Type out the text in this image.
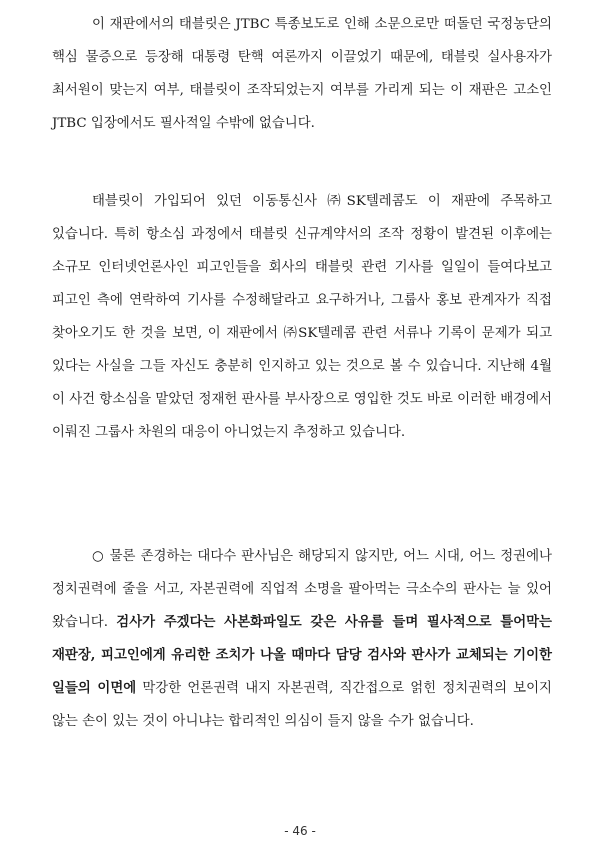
이 재판에서의 태블릿은 JTBC 특종보도로 인해 소문으로만 떠돌던 국정농단의 핵심 물증으로 등장해 대통령 탄핵 여론까지 이끌었기 때문에, 태블릿 실사용자가 최서원이 맞는지 여부, 태블릿이 조작되었는지 여부를 가리게 되는 이 재판은 고소인 JTBC 입장에서도 필사적일 수밖에 없습니다.

태블릿이 가입되어 있던 이동통신사 ㈜SK텔레콤도 이 재판에 주목하고 있습니다. 특히 항소심 과정에서 태블릿 신규계약서의 조작 정황이 발견된 이후에는 소규모 인터넷언론사인 피고인들을 회사의 태블릿 관련 기사를 일일이 들여다보고 피고인 측에 연락하여 기사를 수정해달라고 요구하거나, 그룹사 홍보 관계자가 직접 찾아오기도 한 것을 보면, 이 재판에서 ㈜SK텔레콤 관련 서류나 기록이 문제가 되고 있다는 사실을 그들 자신도 충분히 인지하고 있는 것으로 볼 수 있습니다. 지난해 4월 이 사건 항소심을 맡았던 정재헌 판사를 부사장으로 영입한 것도 바로 이러한 배경에서 이뤄진 그룹사 차원의 대응이 아니었는지 추정하고 있습니다.

○ 물론 존경하는 대다수 판사님은 해당되지 않지만, 어느 시대, 어느 정권에나 정치권력에 줄을 서고, 자본권력에 직업적 소명을 팔아먹는 극소수의 판사는 늘 있어 왔습니다. 검사가 주겠다는 사본화파일도 갖은 사유를 들며 필사적으로 틀어막는 재판장, 피고인에게 유리한 조치가 나올 때마다 담당 검사와 판사가 교체되는 기이한 일들의 이면에 막강한 언론권력 내지 자본권력, 직간접으로 얽힌 정치권력의 보이지 않는 손이 있는 것이 아니냐는 합리적인 의심이 들지 않을 수가 없습니다.

- 46 -
